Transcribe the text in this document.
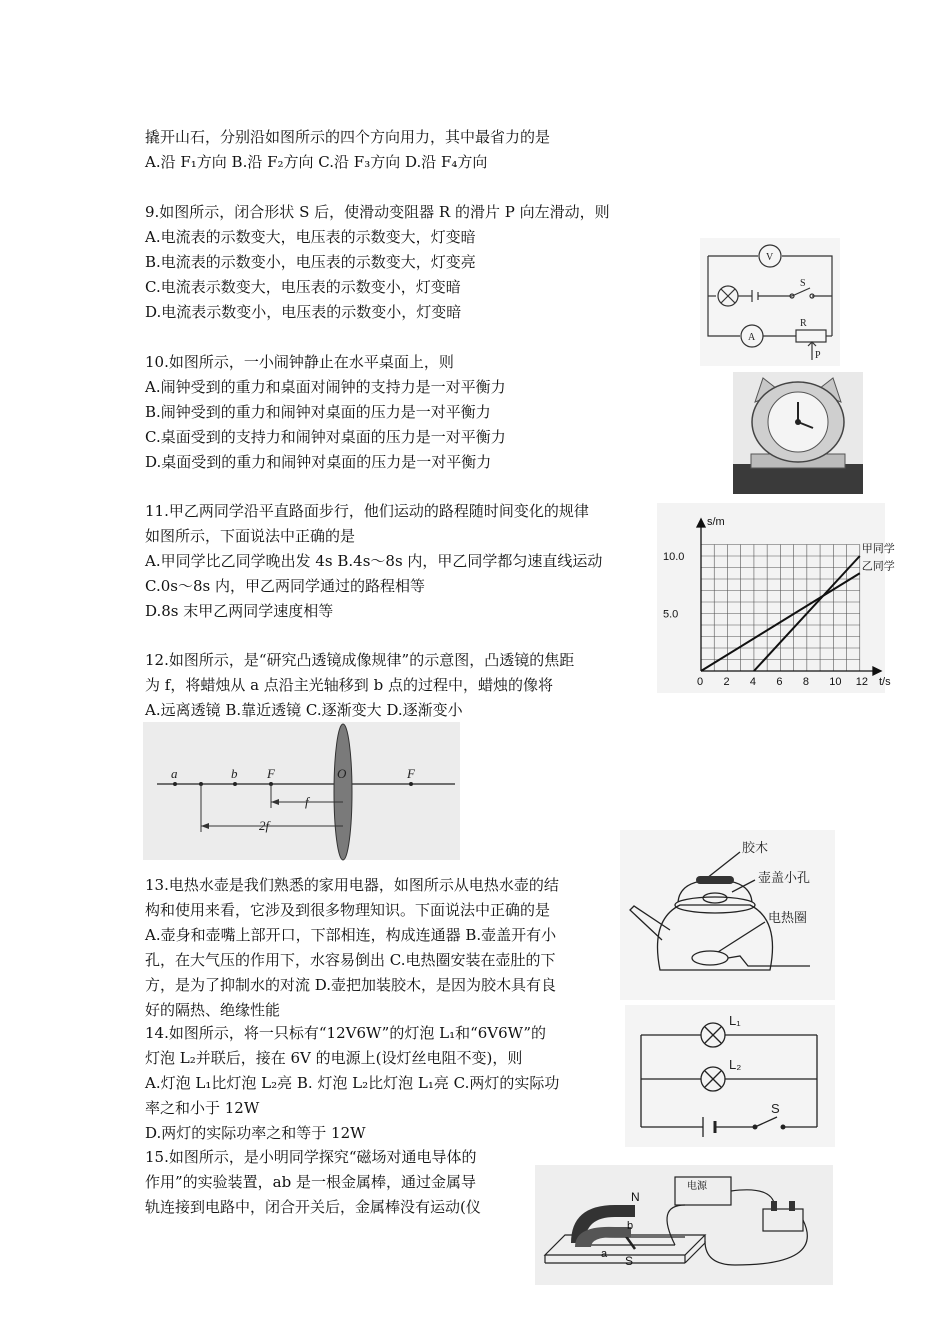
撬开山石，分别沿如图所示的四个方向用力，其中最省力的是
A.沿 F₁方向 B.沿 F₂方向 C.沿 F₃方向 D.沿 F₄方向
9.如图所示，闭合形状 S 后，使滑动变阻器 R 的滑片 P 向左滑动，则
A.电流表的示数变大，电压表的示数变大，灯变暗
B.电流表的示数变小，电压表的示数变大，灯变亮
C.电流表示数变大，电压表的示数变小，灯变暗
D.电流表示数变小，电压表的示数变小，灯变暗
V
S
A
R
P
10.如图所示，一小闹钟静止在水平桌面上，则
A.闹钟受到的重力和桌面对闹钟的支持力是一对平衡力
B.闹钟受到的重力和闹钟对桌面的压力是一对平衡力
C.桌面受到的支持力和闹钟对桌面的压力是一对平衡力
D.桌面受到的重力和闹钟对桌面的压力是一对平衡力
11.甲乙两同学沿平直路面步行，他们运动的路程随时间变化的规律
如图所示，下面说法中正确的是
A.甲同学比乙同学晚出发 4s B.4s～8s 内，甲乙同学都匀速直线运动
C.0s～8s 内，甲乙两同学通过的路程相等
D.8s 末甲乙两同学速度相等
0 2 4 6 8 10 12
5.0
10.0
t/s
s/m
甲同学
乙同学
12.如图所示，是“研究凸透镜成像规律”的示意图，凸透镜的焦距
为 f，将蜡烛从 a 点沿主光轴移到 b 点的过程中，蜡烛的像将
A.远离透镜 B.靠近透镜 C.逐渐变大 D.逐渐变小
a	b F	O	F
f
2f
13.电热水壶是我们熟悉的家用电器，如图所示从电热水壶的结
构和使用来看，它涉及到很多物理知识。下面说法中正确的是
A.壶身和壶嘴上部开口，下部相连，构成连通器 B.壶盖开有小
孔，在大气压的作用下，水容易倒出 C.电热圈安装在壶肚的下
方，是为了抑制水的对流 D.壶把加装胶木，是因为胶木具有良
好的隔热、绝缘性能
胶木
壶盖小孔
电热圈
14.如图所示，将一只标有“12V6W”的灯泡 L₁和“6V6W”的
灯泡 L₂并联后，接在 6V 的电源上(设灯丝电阻不变)，则
A.灯泡 L₁比灯泡 L₂亮 B. 灯泡 L₂比灯泡 L₁亮 C.两灯的实际功
率之和小于 12W
D.两灯的实际功率之和等于 12W
L₁
L₂
S
15.如图所示，是小明同学探究“磁场对通电导体的
作用”的实验装置，ab 是一根金属棒，通过金属导
轨连接到电路中，闭合开关后，金属棒没有运动(仪
电源
N
S
a
b
